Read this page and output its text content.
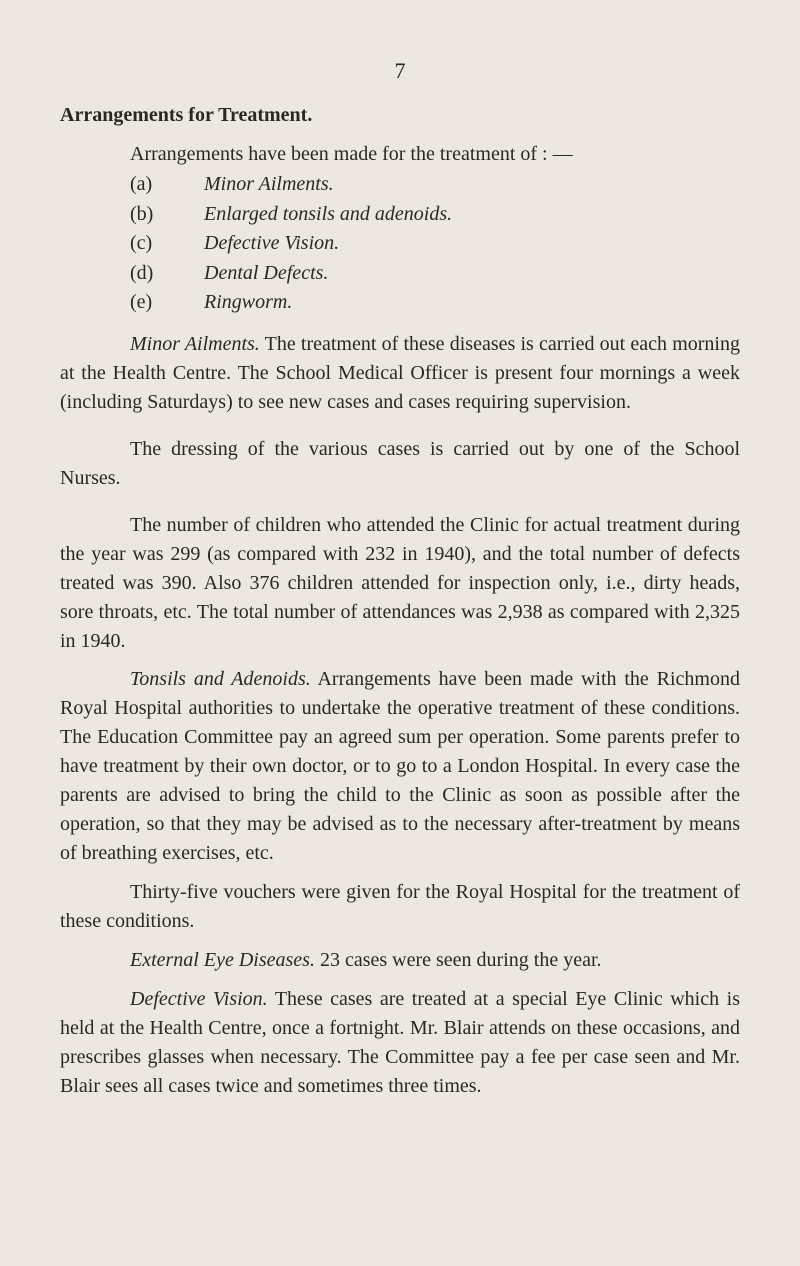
7
Arrangements for Treatment.
Arrangements have been made for the treatment of : —
(a)	Minor Ailments.
(b)	Enlarged tonsils and adenoids.
(c)	Defective Vision.
(d)	Dental Defects.
(e)	Ringworm.

Minor Ailments. The treatment of these diseases is carried out each morning at the Health Centre. The School Medical Officer is present four mornings a week (including Saturdays) to see new cases and cases requiring supervision.

The dressing of the various cases is carried out by one of the School Nurses.

The number of children who attended the Clinic for actual treatment during the year was 299 (as compared with 232 in 1940), and the total number of defects treated was 390. Also 376 children attended for inspection only, i.e., dirty heads, sore throats, etc. The total number of attendances was 2,938 as compared with 2,325 in 1940.

Tonsils and Adenoids. Arrangements have been made with the Richmond Royal Hospital authorities to undertake the operative treatment of these conditions. The Education Committee pay an agreed sum per operation. Some parents prefer to have treatment by their own doctor, or to go to a London Hospital. In every case the parents are advised to bring the child to the Clinic as soon as possible after the operation, so that they may be advised as to the necessary after-treatment by means of breathing exercises, etc.

Thirty-five vouchers were given for the Royal Hospital for the treatment of these conditions.

External Eye Diseases. 23 cases were seen during the year.

Defective Vision. These cases are treated at a special Eye Clinic which is held at the Health Centre, once a fortnight. Mr. Blair attends on these occasions, and prescribes glasses when necessary. The Committee pay a fee per case seen and Mr. Blair sees all cases twice and sometimes three times.
